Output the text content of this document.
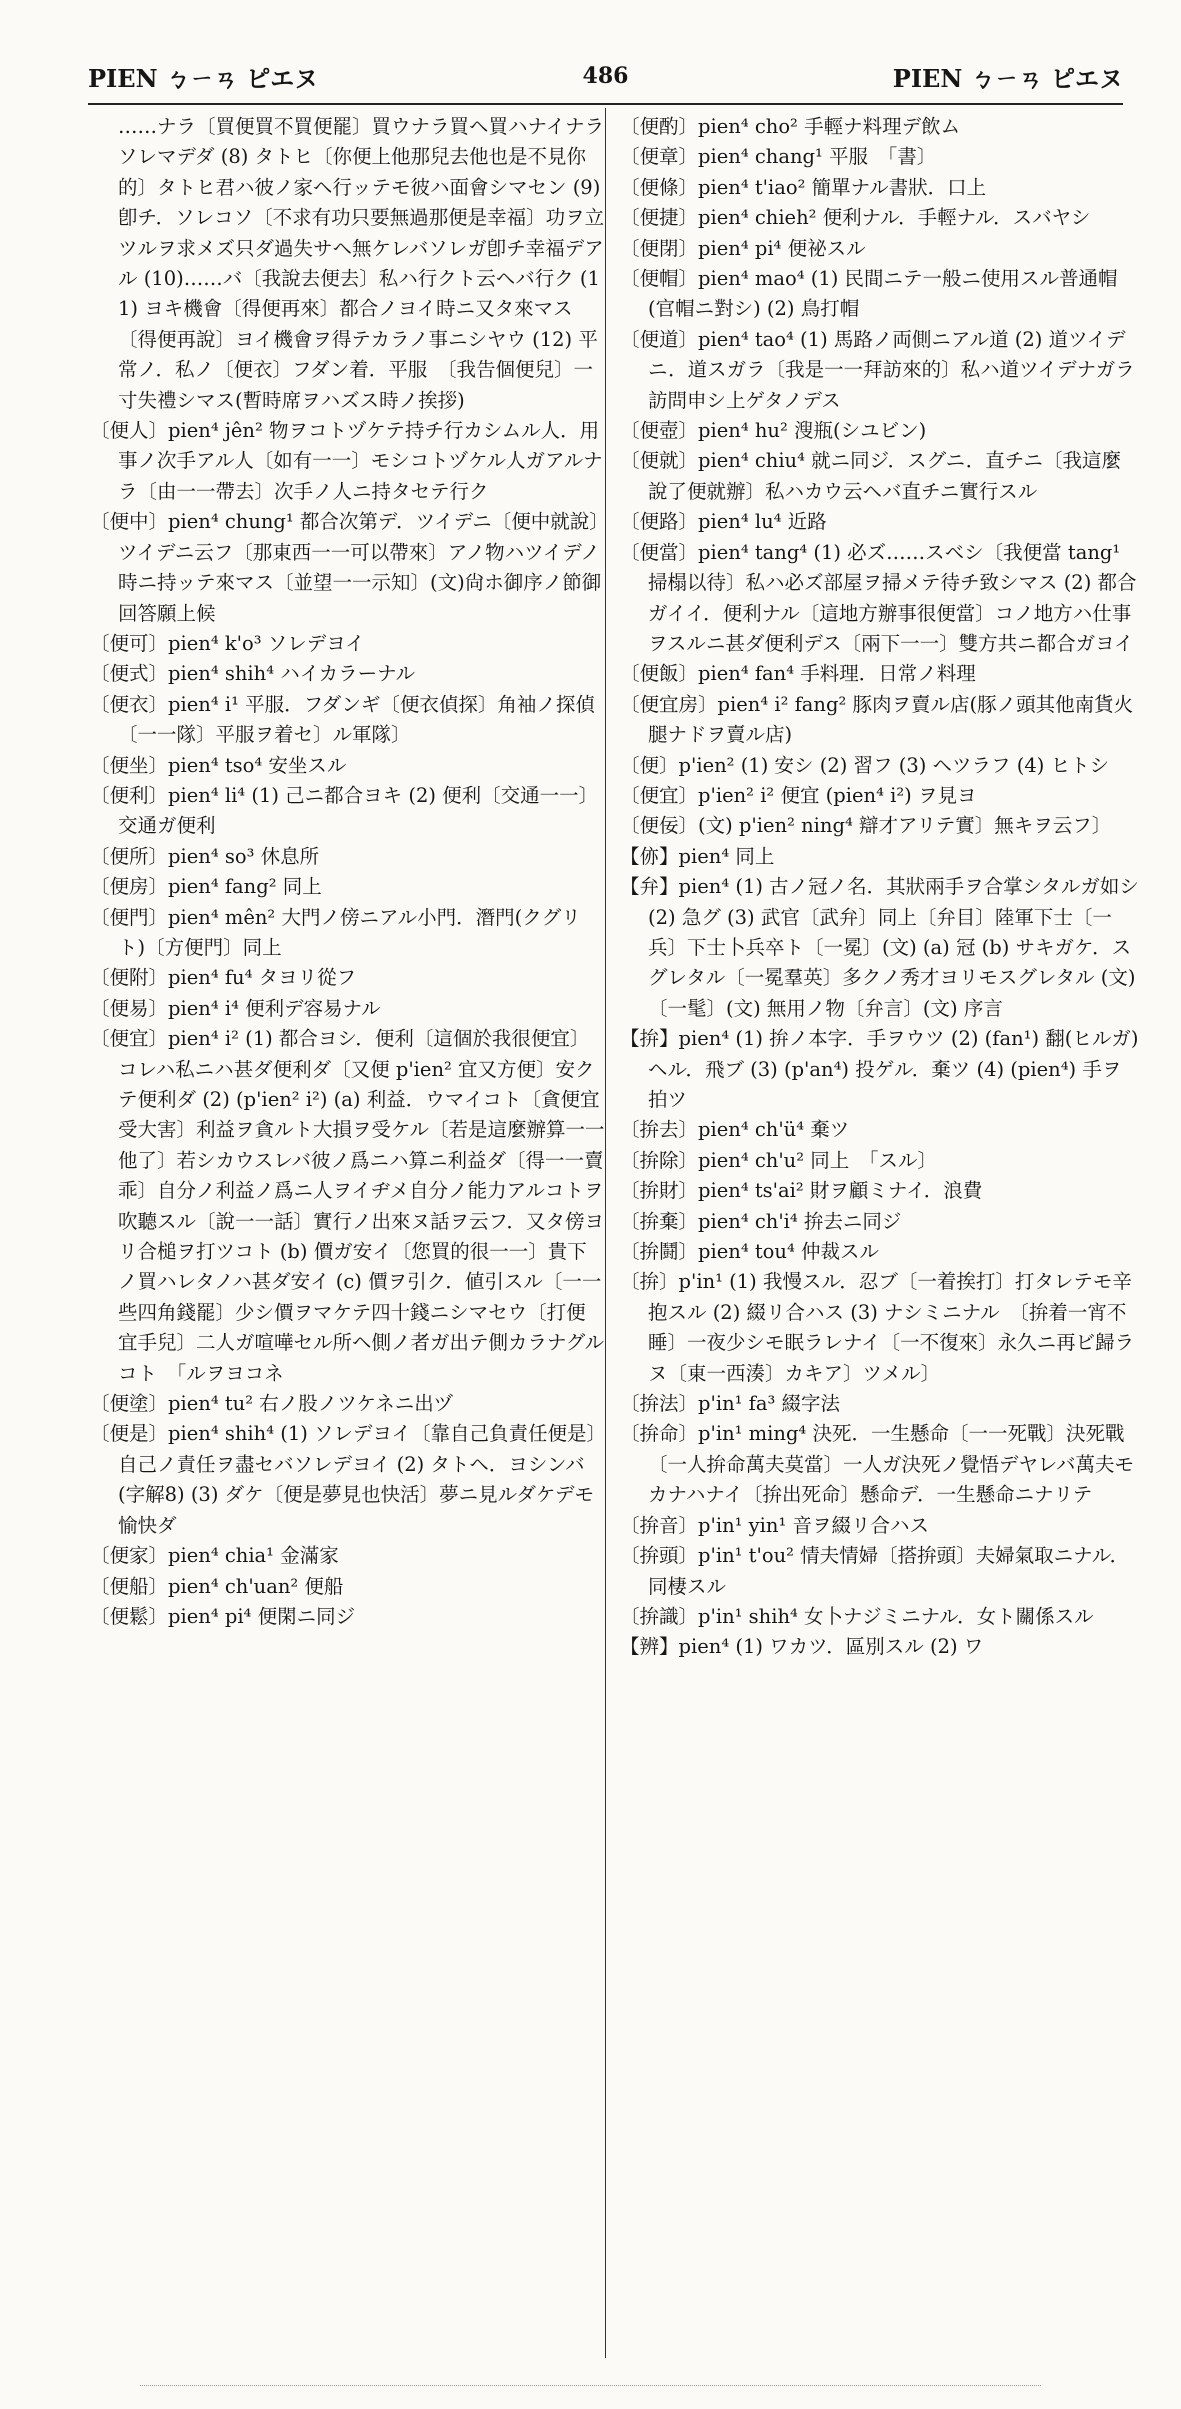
PIEN ㄅㄧㄢ ピエヌ	486	PIEN ㄅㄧㄢ ピエヌ

……ナラ〔買便買不買便罷〕買ウナラ買ヘ買ハナイナラソレマデダ (8) タトヒ〔你便上他那兒去他也是不見你的〕タトヒ君ハ彼ノ家ヘ行ッテモ彼ハ面會シマセン (9) 卽チ．ソレコソ〔不求有功只要無過那便是幸福〕功ヲ立ツルヲ求メズ只ダ過失サヘ無ケレバソレガ卽チ幸福デアル (10)……バ〔我說去便去〕私ハ行クト云ヘバ行ク (11) ヨキ機會〔得便再來〕都合ノヨイ時ニ又タ來マス〔得便再說〕ヨイ機會ヲ得テカラノ事ニシヤウ (12) 平常ノ．私ノ〔便衣〕フダン着．平服　〔我告個便兒〕一寸失禮シマス(暫時席ヲハズス時ノ挨拶)

〔便人〕pien⁴ jên² 物ヲコトヅケテ持チ行カシムル人．用事ノ次手アル人〔如有一一〕モシコトヅケル人ガアルナラ〔由一一帶去〕次手ノ人ニ持タセテ行ク

〔便中〕pien⁴ chung¹ 都合次第デ．ツイデニ〔便中就說〕ツイデニ云フ〔那東西一一可以帶來〕アノ物ハツイデノ時ニ持ッテ來マス〔並望一一示知〕(文)尙ホ御序ノ節御回答願上候

〔便可〕pien⁴ k'o³ ソレデヨイ

〔便式〕pien⁴ shih⁴ ハイカラーナル

〔便衣〕pien⁴ i¹ 平服．フダンギ〔便衣偵探〕角袖ノ探偵〔一一隊〕平服ヲ着セ〕ル軍隊〕

〔便坐〕pien⁴ tso⁴ 安坐スル

〔便利〕pien⁴ li⁴ (1) 己ニ都合ヨキ (2) 便利〔交通一一〕交通ガ便利

〔便所〕pien⁴ so³ 休息所

〔便房〕pien⁴ fang² 同上

〔便門〕pien⁴ mên² 大門ノ傍ニアル小門．潛門(クグリト)〔方便門〕同上

〔便附〕pien⁴ fu⁴ タヨリ從フ

〔便易〕pien⁴ i⁴ 便利デ容易ナル

〔便宜〕pien⁴ i² (1) 都合ヨシ．便利〔這個於我很便宜〕コレハ私ニハ甚ダ便利ダ〔又便 p'ien² 宜又方便〕安クテ便利ダ (2) (p'ien² i²) (a) 利益．ウマイコト〔貪便宜受大害〕利益ヲ貪ルト大損ヲ受ケル〔若是這麼辦算一一他了〕若シカウスレバ彼ノ爲ニハ算ニ利益ダ〔得一一賣乖〕自分ノ利益ノ爲ニ人ヲイヂメ自分ノ能力アルコトヲ吹聽スル〔說一一話〕實行ノ出來ヌ話ヲ云フ．又タ傍ヨリ合槌ヲ打ツコト (b) 價ガ安イ〔您買的很一一〕貴下ノ買ハレタノハ甚ダ安イ (c) 價ヲ引ク．値引スル〔一一些四角錢罷〕少シ價ヲマケテ四十錢ニシマセウ〔打便宜手兒〕二人ガ喧嘩セル所ヘ側ノ者ガ出テ側カラナグルコト　「ルヲヨコネ

〔便塗〕pien⁴ tu² 右ノ股ノツケネニ出ヅ

〔便是〕pien⁴ shih⁴ (1) ソレデヨイ〔靠自己負責任便是〕自己ノ責任ヲ盡セバソレデヨイ (2) タトヘ．ヨシンバ(字解8) (3) ダケ〔便是夢見也快活〕夢ニ見ルダケデモ愉快ダ

〔便家〕pien⁴ chia¹ 金滿家

〔便船〕pien⁴ ch'uan² 便船

〔便鬆〕pien⁴ pi⁴ 便閑ニ同ジ

〔便酌〕pien⁴ cho² 手輕ナ料理デ飲ム

〔便章〕pien⁴ chang¹ 平服　「書〕

〔便條〕pien⁴ t'iao² 簡單ナル書狀．口上

〔便捷〕pien⁴ chieh² 便利ナル．手輕ナル．スバヤシ

〔便閉〕pien⁴ pi⁴ 便祕スル

〔便帽〕pien⁴ mao⁴ (1) 民間ニテ一般ニ使用スル普通帽(官帽ニ對シ) (2) 鳥打帽

〔便道〕pien⁴ tao⁴ (1) 馬路ノ両側ニアル道 (2) 道ツイデニ．道スガラ〔我是一一拜訪來的〕私ハ道ツイデナガラ訪問申シ上ゲタノデス

〔便壺〕pien⁴ hu² 溲瓶(シユビン)

〔便就〕pien⁴ chiu⁴ 就ニ同ジ．スグニ．直チニ〔我這麼說了便就辦〕私ハカウ云ヘバ直チニ實行スル

〔便路〕pien⁴ lu⁴ 近路

〔便當〕pien⁴ tang⁴ (1) 必ズ……スベシ〔我便當 tang¹ 掃榻以待〕私ハ必ズ部屋ヲ掃メテ待チ致シマス (2) 都合ガイイ．便利ナル〔這地方辦事很便當〕コノ地方ハ仕事ヲスルニ甚ダ便利デス〔兩下一一〕雙方共ニ都合ガヨイ

〔便飯〕pien⁴ fan⁴ 手料理．日常ノ料理

〔便宜房〕pien⁴ i² fang² 豚肉ヲ賣ル店(豚ノ頭其他南貨火腿ナドヲ賣ル店)

〔便〕p'ien² (1) 安シ (2) 習フ (3) ヘツラフ (4) ヒトシ

〔便宜〕p'ien² i² 便宜 (pien⁴ i²) ヲ見ヨ

〔便佞〕(文) p'ien² ning⁴ 辯才アリテ實〕無キヲ云フ〕

【㑊】pien⁴ 同上

【弁】pien⁴ (1) 古ノ冠ノ名．其狀兩手ヲ合掌シタルガ如シ (2) 急グ (3) 武官〔武弁〕同上〔弁目〕陸軍下士〔一兵〕下士卜兵卒ト〔一冕〕(文) (a) 冠 (b) サキガケ．スグレタル〔一冕羣英〕多クノ秀才ヨリモスグレタル (文)〔一髦〕(文) 無用ノ物〔弁言〕(文) 序言

【拚】pien⁴ (1) 拚ノ本字．手ヲウツ (2) (fan¹) 翻(ヒルガ)ヘル．飛ブ (3) (p'an⁴) 投ゲル．棄ツ (4) (pien⁴) 手ヲ拍ツ

〔拚去〕pien⁴ ch'ü⁴ 棄ツ

〔拚除〕pien⁴ ch'u² 同上　「スル〕

〔拚財〕pien⁴ ts'ai² 財ヲ顧ミナイ．浪費

〔拚棄〕pien⁴ ch'i⁴ 拚去ニ同ジ

〔拚鬪〕pien⁴ tou⁴ 仲裁スル

〔拚〕p'in¹ (1) 我慢スル．忍ブ〔一着挨打〕打タレテモ辛抱スル (2) 綴リ合ハス (3) ナシミニナル　〔拚着一宵不睡〕一夜少シモ眠ラレナイ〔一不復來〕永久ニ再ビ歸ラヌ〔東一西湊〕カキア〕ツメル〕

〔拚法〕p'in¹ fa³ 綴字法

〔拚命〕p'in¹ ming⁴ 決死．一生懸命〔一一死戰〕決死戰〔一人拚命萬夫莫當〕一人ガ決死ノ覺悟デヤレバ萬夫モカナハナイ〔拚出死命〕懸命デ．一生懸命ニナリテ

〔拚音〕p'in¹ yin¹ 音ヲ綴リ合ハス

〔拚頭〕p'in¹ t'ou² 情夫情婦〔搭拚頭〕夫婦氣取ニナル．同棲スル

〔拚識〕p'in¹ shih⁴ 女卜ナジミニナル．女ト關係スル

【辨】pien⁴ (1) ワカツ．區別スル (2) ワ
